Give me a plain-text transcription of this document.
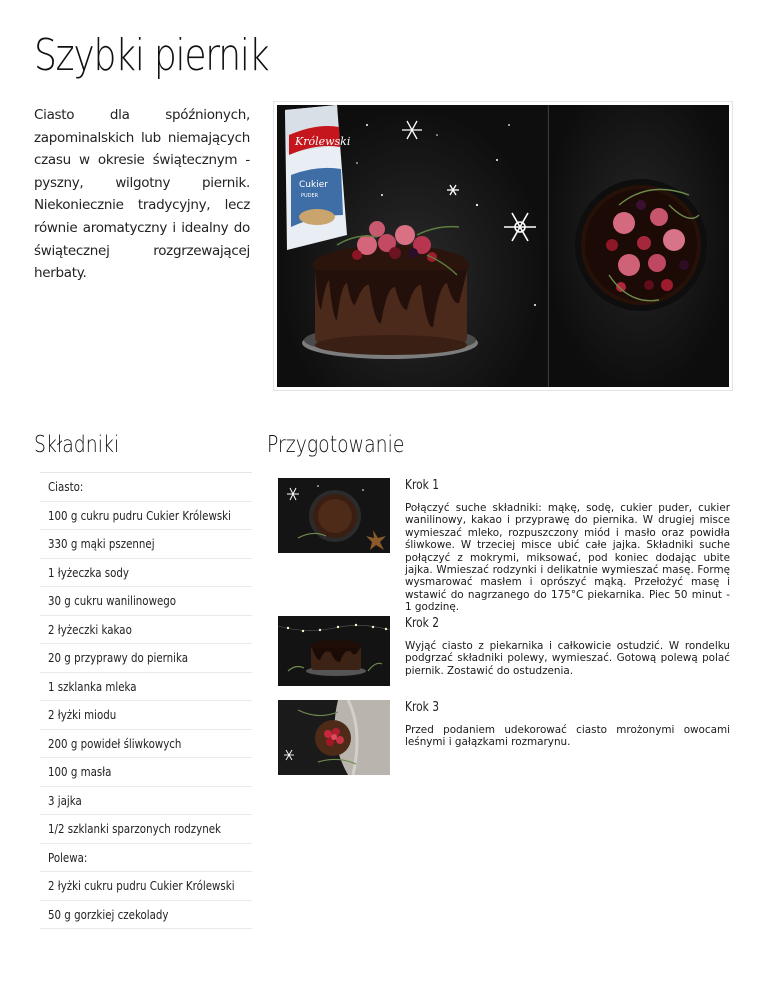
Szybki piernik

Ciasto dla spóźnionych, zapominalskich lub niemających czasu w okresie świątecznym - pyszny, wilgotny piernik. Niekoniecznie tradycyjny, lecz równie aromatyczny i idealny do świątecznej rozgrzewającej herbaty.

Królewski
Cukier
PUDER
Składniki	Przygotowanie
Ciasto:
100 g cukru pudru Cukier Królewski
330 g mąki pszennej
1 łyżeczka sody
30 g cukru wanilinowego
2 łyżeczki kakao
20 g przyprawy do piernika
1 szklanka mleka
2 łyżki miodu
200 g powideł śliwkowych
100 g masła
3 jajka
1/2 szklanki sparzonych rodzynek
Polewa:
2 łyżki cukru pudru Cukier Królewski
50 g gorzkiej czekolady
Krok 1
Połączyć suche składniki: mąkę, sodę, cukier puder, cukier wanilinowy, kakao i przyprawę do piernika. W drugiej misce wymieszać mleko, rozpuszczony miód i masło oraz powidła śliwkowe. W trzeciej misce ubić całe jajka. Składniki suche połączyć z mokrymi, miksować, pod koniec dodając ubite jajka. Wmieszać rodzynki i delikatnie wymieszać masę. Formę wysmarować masłem i oprószyć mąką. Przełożyć masę i wstawić do nagrzanego do 175°C piekarnika. Piec 50 minut - 1 godzinę.
Krok 2
Wyjąć ciasto z piekarnika i całkowicie ostudzić. W rondelku podgrzać składniki polewy, wymieszać. Gotową polewą polać piernik. Zostawić do ostudzenia.
Krok 3
Przed podaniem udekorować ciasto mrożonymi owocami leśnymi i gałązkami rozmarynu.
